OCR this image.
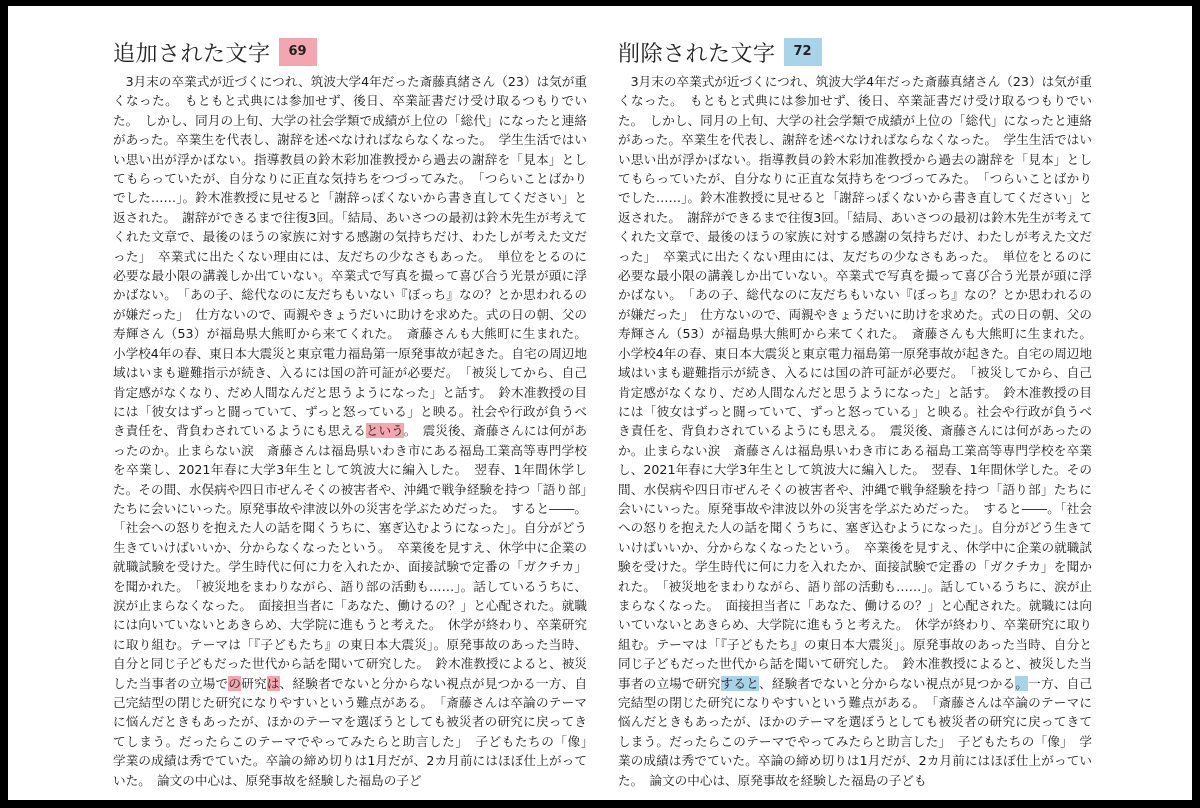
追加された文字	69
　3月末の卒業式が近づくにつれ、筑波大学4年だった斎藤真緒さん（23）は気が重くなった。　もともと式典には参加せず、後日、卒業証書だけ受け取るつもりでいた。　しかし、同月の上旬、大学の社会学類で成績が上位の「総代」になったと連絡があった。卒業生を代表し、謝辞を述べなければならなくなった。　学生生活ではいい思い出が浮かばない。指導教員の鈴木彩加准教授から過去の謝辞を「見本」としてもらっていたが、自分なりに正直な気持ちをつづってみた。　「つらいことばかりでした……」。鈴木准教授に見せると「謝辞っぽくないから書き直してください」と返された。　謝辞ができるまで往復3回。「結局、あいさつの最初は鈴木先生が考えてくれた文章で、最後のほうの家族に対する感謝の気持ちだけ、わたしが考えた文だった」　卒業式に出たくない理由には、友だちの少なさもあった。　単位をとるのに必要な最小限の講義しか出ていない。卒業式で写真を撮って喜び合う光景が頭に浮かばない。　「あの子、総代なのに友だちもいない『ぼっち』なの？とか思われるのが嫌だった」　仕方ないので、両親やきょうだいに助けを求めた。式の日の朝、父の寿輝さん（53）が福島県大熊町から来てくれた。　斎藤さんも大熊町に生まれた。小学校4年の春、東日本大震災と東京電力福島第一原発事故が起きた。自宅の周辺地域はいまも避難指示が続き、入るには国の許可証が必要だ。　「被災してから、自己肯定感がなくなり、だめ人間なんだと思うようになった」と話す。　鈴木准教授の目には「彼女はずっと闘っていて、ずっと怒っている」と映る。社会や行政が負うべき責任を、背負わされているようにも思えるという。　震災後、斎藤さんには何があったのか。止まらない涙　斎藤さんは福島県いわき市にある福島工業高等専門学校を卒業し、2021年春に大学3年生として筑波大に編入した。　翌春、1年間休学した。その間、水俣病や四日市ぜんそくの被害者や、沖縄で戦争経験を持つ「語り部」たちに会いにいった。原発事故や津波以外の災害を学ぶためだった。　すると――。「社会への怒りを抱えた人の話を聞くうちに、塞ぎ込むようになった」。自分がどう生きていけばいいか、分からなくなったという。　卒業後を見すえ、休学中に企業の就職試験を受けた。学生時代に何に力を入れたか、面接試験で定番の「ガクチカ」を聞かれた。　「被災地をまわりながら、語り部の活動も……」。話しているうちに、涙が止まらなくなった。　面接担当者に「あなた、働けるの？」と心配された。就職には向いていないとあきらめ、大学院に進もうと考えた。　休学が終わり、卒業研究に取り組む。テーマは「『子どもたち』の東日本大震災」。原発事故のあった当時、自分と同じ子どもだった世代から話を聞いて研究した。　鈴木准教授によると、被災した当事者の立場での研究は、経験者でないと分からない視点が見つかる一方、自己完結型の閉じた研究になりやすいという難点がある。　「斎藤さんは卒論のテーマに悩んだときもあったが、ほかのテーマを選ぼうとしても被災者の研究に戻ってきてしまう。だったらこのテーマでやってみたらと助言した」　子どもたちの「像」　学業の成績は秀でていた。卒論の締め切りは1月だが、2カ月前にはほぼ仕上がっていた。　論文の中心は、原発事故を経験した福島の子ど
削除された文字	72
　3月末の卒業式が近づくにつれ、筑波大学4年だった斎藤真緒さん（23）は気が重くなった。　もともと式典には参加せず、後日、卒業証書だけ受け取るつもりでいた。　しかし、同月の上旬、大学の社会学類で成績が上位の「総代」になったと連絡があった。卒業生を代表し、謝辞を述べなければならなくなった。　学生生活ではいい思い出が浮かばない。指導教員の鈴木彩加准教授から過去の謝辞を「見本」としてもらっていたが、自分なりに正直な気持ちをつづってみた。　「つらいことばかりでした……」。鈴木准教授に見せると「謝辞っぽくないから書き直してください」と返された。　謝辞ができるまで往復3回。「結局、あいさつの最初は鈴木先生が考えてくれた文章で、最後のほうの家族に対する感謝の気持ちだけ、わたしが考えた文だった」　卒業式に出たくない理由には、友だちの少なさもあった。　単位をとるのに必要な最小限の講義しか出ていない。卒業式で写真を撮って喜び合う光景が頭に浮かばない。　「あの子、総代なのに友だちもいない『ぼっち』なの？とか思われるのが嫌だった」　仕方ないので、両親やきょうだいに助けを求めた。式の日の朝、父の寿輝さん（53）が福島県大熊町から来てくれた。　斎藤さんも大熊町に生まれた。小学校4年の春、東日本大震災と東京電力福島第一原発事故が起きた。自宅の周辺地域はいまも避難指示が続き、入るには国の許可証が必要だ。　「被災してから、自己肯定感がなくなり、だめ人間なんだと思うようになった」と話す。　鈴木准教授の目には「彼女はずっと闘っていて、ずっと怒っている」と映る。社会や行政が負うべき責任を、背負わされているようにも思える。　震災後、斎藤さんには何があったのか。止まらない涙　斎藤さんは福島県いわき市にある福島工業高等専門学校を卒業し、2021年春に大学3年生として筑波大に編入した。　翌春、1年間休学した。その間、水俣病や四日市ぜんそくの被害者や、沖縄で戦争経験を持つ「語り部」たちに会いにいった。原発事故や津波以外の災害を学ぶためだった。　すると――。「社会への怒りを抱えた人の話を聞くうちに、塞ぎ込むようになった」。自分がどう生きていけばいいか、分からなくなったという。　卒業後を見すえ、休学中に企業の就職試験を受けた。学生時代に何に力を入れたか、面接試験で定番の「ガクチカ」を聞かれた。　「被災地をまわりながら、語り部の活動も……」。話しているうちに、涙が止まらなくなった。　面接担当者に「あなた、働けるの？」と心配された。就職には向いていないとあきらめ、大学院に進もうと考えた。　休学が終わり、卒業研究に取り組む。テーマは「『子どもたち』の東日本大震災」。原発事故のあった当時、自分と同じ子どもだった世代から話を聞いて研究した。　鈴木准教授によると、被災した当事者の立場で研究すると、経験者でないと分からない視点が見つかる。一方、自己完結型の閉じた研究になりやすいという難点がある。　「斎藤さんは卒論のテーマに悩んだときもあったが、ほかのテーマを選ぼうとしても被災者の研究に戻ってきてしまう。だったらこのテーマでやってみたらと助言した」　子どもたちの「像」　学業の成績は秀でていた。卒論の締め切りは1月だが、2カ月前にはほぼ仕上がっていた。　論文の中心は、原発事故を経験した福島の子ども
